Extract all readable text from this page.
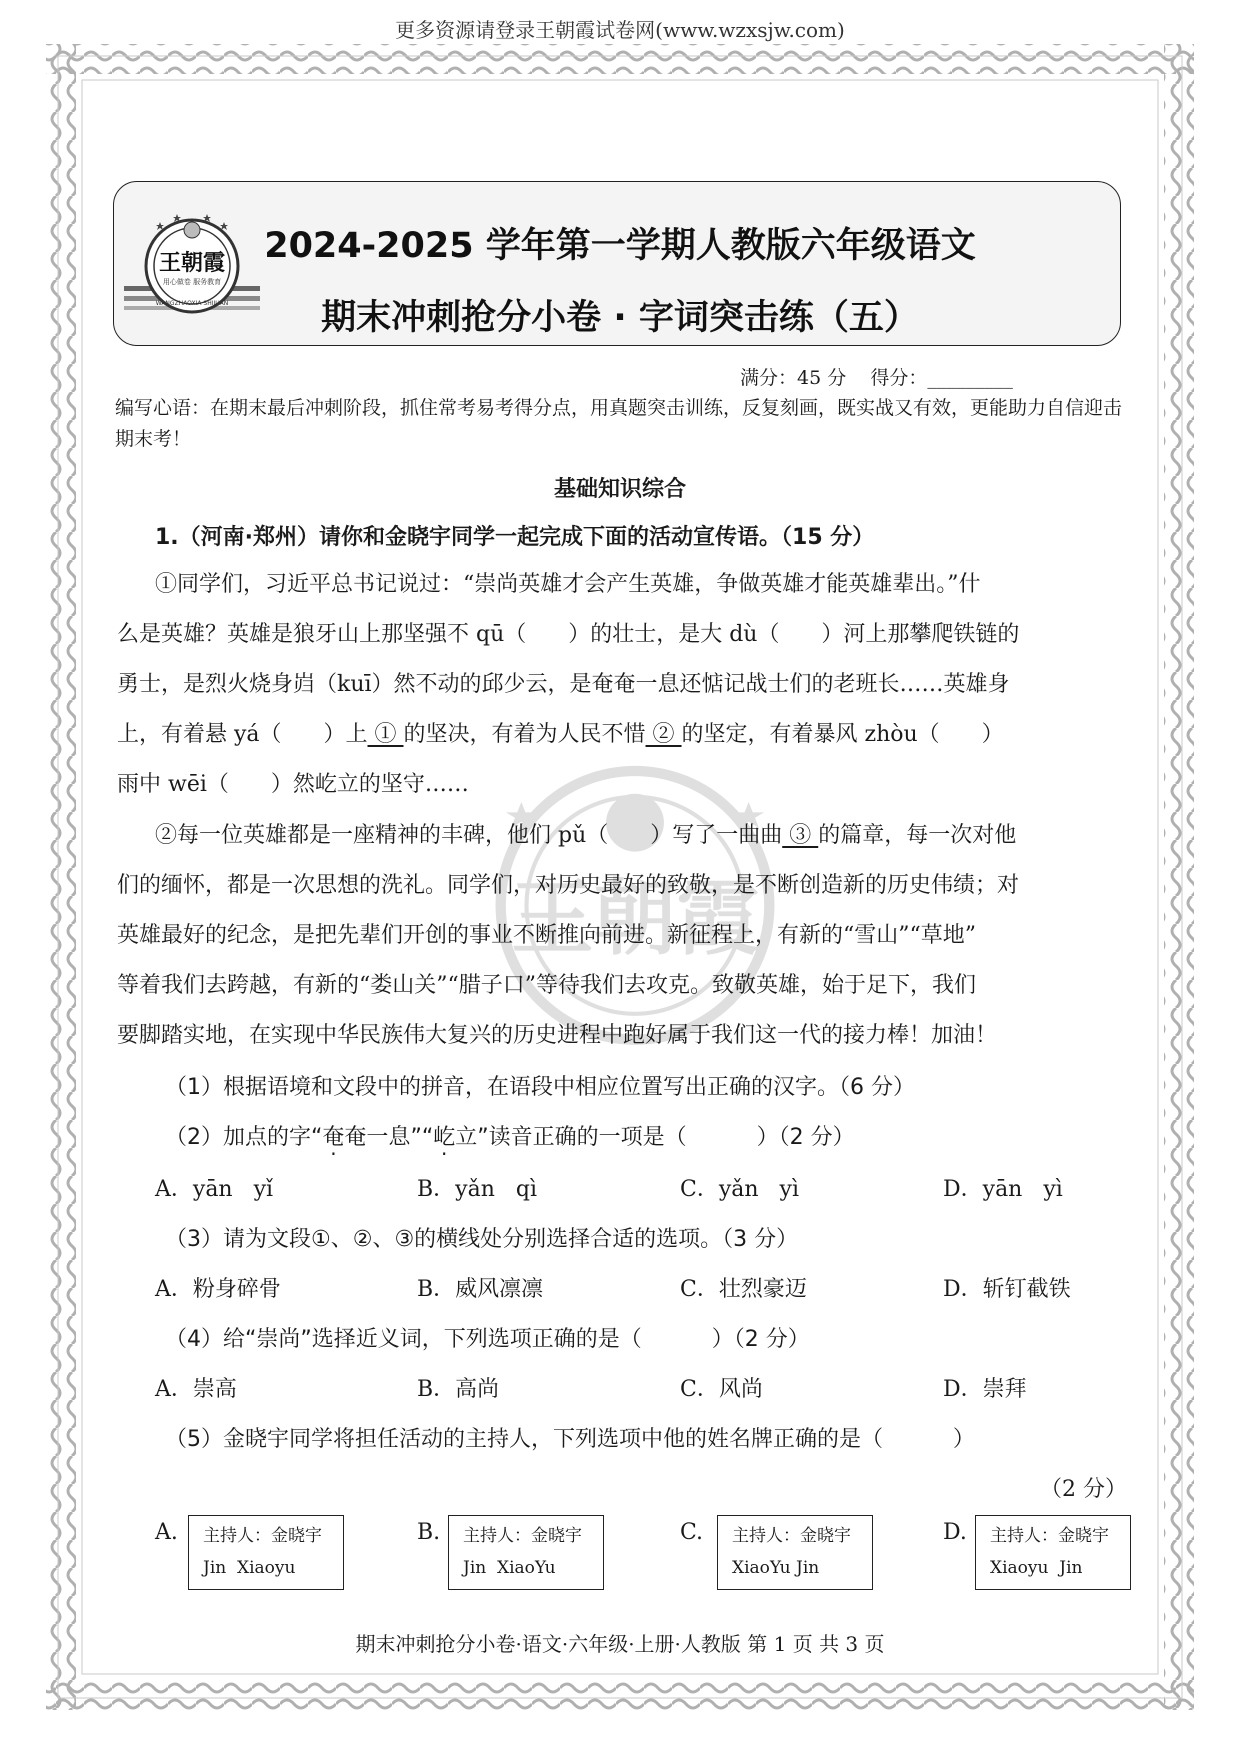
更多资源请登录王朝霞试卷网(www.wzxsjw.com)
王朝霞
用心做卷 服务教育
WANGZHAOXIA SHIJUAN
2024-2025 学年第一学期人教版六年级语文
期末冲刺抢分小卷 · 字词突击练（五）
满分：45 分    得分：_________
编写心语：在期末最后冲刺阶段，抓住常考易考得分点，用真题突击训练，反复刻画，既实战又有效，更能助力自信迎击期末考！
基础知识综合
1.（河南·郑州）请你和金晓宇同学一起完成下面的活动宣传语。（15 分）
王朝霞
①同学们，习近平总书记说过：“崇尚英雄才会产生英雄，争做英雄才能英雄辈出。”什
么是英雄？英雄是狼牙山上那坚强不 qū（      ）的壮士，是大 dù（      ）河上那攀爬铁链的
勇士，是烈火烧身岿（kuī）然不动的邱少云，是奄奄一息还惦记战士们的老班长……英雄身
上，有着悬 yá（      ）上 ① 的坚决，有着为人民不惜 ② 的坚定，有着暴风 zhòu（      ）
雨中 wēi（      ）然屹立的坚守……
②每一位英雄都是一座精神的丰碑，他们 pǔ（      ）写了一曲曲 ③ 的篇章，每一次对他
们的缅怀，都是一次思想的洗礼。同学们，对历史最好的致敬，是不断创造新的历史伟绩；对
英雄最好的纪念，是把先辈们开创的事业不断推向前进。新征程上，有新的“雪山”“草地”
等着我们去跨越，有新的“娄山关”“腊子口”等待我们去攻克。致敬英雄，始于足下，我们
要脚踏实地，在实现中华民族伟大复兴的历史进程中跑好属于我们这一代的接力棒！加油！
（1）根据语境和文段中的拼音，在语段中相应位置写出正确的汉字。（6 分）
（2）加点的字“奄奄一息”“屹立”读音正确的一项是（          ）（2 分）
A．yān   yǐ	B．yǎn   qì	C．yǎn   yì	D．yān   yì
（3）请为文段①、②、③的横线处分别选择合适的选项。（3 分）
A．粉身碎骨	B．威风凛凛	C．壮烈豪迈	D．斩钉截铁
（4）给“崇尚”选择近义词，下列选项正确的是（          ）（2 分）
A．崇高	B．高尚	C．风尚	D．崇拜
（5）金晓宇同学将担任活动的主持人，下列选项中他的姓名牌正确的是（          ）
（2 分）
A. 主持人：金晓宇
Jin  Xiaoyu
B. 主持人：金晓宇
Jin  XiaoYu
C. 主持人：金晓宇
XiaoYu Jin
D. 主持人：金晓宇
Xiaoyu  Jin
期末冲刺抢分小卷·语文·六年级·上册·人教版 第 1 页 共 3 页
